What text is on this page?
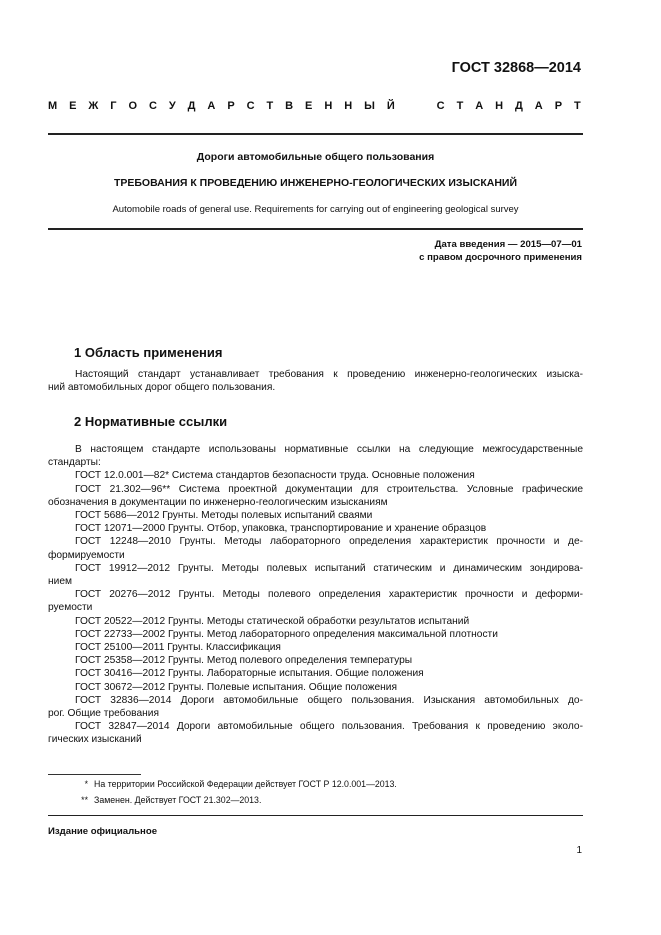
ГОСТ 32868—2014
М Е Ж Г О С У Д А Р С Т В Е Н Н Ы Й

	С Т А Н Д А Р Т
Дороги автомобильные общего пользования
ТРЕБОВАНИЯ К ПРОВЕДЕНИЮ ИНЖЕНЕРНО-ГЕОЛОГИЧЕСКИХ ИЗЫСКАНИЙ
Automobile roads of general use. Requirements for carrying out of engineering geological survey
Дата введения — 2015—07—01
с правом досрочного применения
1 Область применения

Настоящий стандарт устанавливает требования к проведению инженерно-геологических изыска-

ний автомобильных дорог общего пользования.

2 Нормативные ссылки

В настоящем стандарте использованы нормативные ссылки на следующие межгосударственные

стандарты:

ГОСТ 12.0.001—82* Система стандартов безопасности труда. Основные положения

ГОСТ 21.302—96** Система проектной документации для строительства. Условные графические

обозначения в документации по инженерно-геологическим изысканиям

ГОСТ 5686—2012 Грунты. Методы полевых испытаний сваями

ГОСТ 12071—2000 Грунты. Отбор, упаковка, транспортирование и хранение образцов

ГОСТ 12248—2010 Грунты. Методы лабораторного определения характеристик прочности и де-

формируемости

ГОСТ 19912—2012 Грунты. Методы полевых испытаний статическим и динамическим зондирова-

нием

ГОСТ 20276—2012 Грунты. Методы полевого определения характеристик прочности и деформи-

руемости

ГОСТ 20522—2012 Грунты. Методы статической обработки результатов испытаний

ГОСТ 22733—2002 Грунты. Метод лабораторного определения максимальной плотности

ГОСТ 25100—2011 Грунты. Классификация

ГОСТ 25358—2012 Грунты. Метод полевого определения температуры

ГОСТ 30416—2012 Грунты. Лабораторные испытания. Общие положения

ГОСТ 30672—2012 Грунты. Полевые испытания. Общие положения

ГОСТ 32836—2014 Дороги автомобильные общего пользования. Изыскания автомобильных до-

рог. Общие требования

ГОСТ 32847—2014 Дороги автомобильные общего пользования. Требования к проведению эколо-

гических изысканий

* На территории Российской Федерации действует ГОСТ Р 12.0.001—2013.
** Заменен. Действует ГОСТ 21.302—2013.
Издание официальное
1
